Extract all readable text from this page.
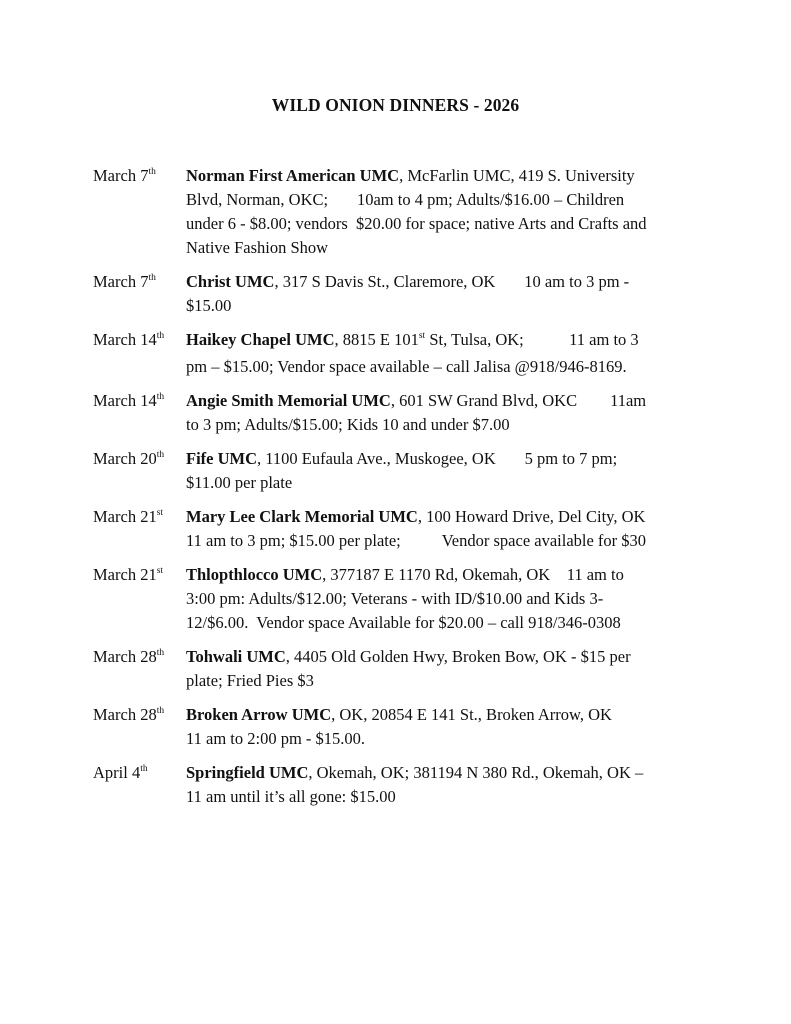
WILD ONION DINNERS - 2026
March 7th Norman First American UMC, McFarlin UMC, 419 S. University
Blvd, Norman, OKC;       10am to 4 pm; Adults/$16.00 – Children
under 6 - $8.00; vendors  $20.00 for space; native Arts and Crafts and
Native Fashion Show
March 7th Christ UMC, 317 S Davis St., Claremore, OK       10 am to 3 pm -
$15.00
March 14th Haikey Chapel UMC, 8815 E 101st St, Tulsa, OK;           11 am to 3
pm – $15.00; Vendor space available – call Jalisa @918/946-8169.
March 14th Angie Smith Memorial UMC, 601 SW Grand Blvd, OKC        11am
to 3 pm; Adults/$15.00; Kids 10 and under $7.00
March 20th Fife UMC, 1100 Eufaula Ave., Muskogee, OK       5 pm to 7 pm;
$11.00 per plate
March 21st Mary Lee Clark Memorial UMC, 100 Howard Drive, Del City, OK
11 am to 3 pm; $15.00 per plate;          Vendor space available for $30
March 21st Thlopthlocco UMC, 377187 E 1170 Rd, Okemah, OK    11 am to
3:00 pm: Adults/$12.00; Veterans - with ID/$10.00 and Kids 3-
12/$6.00.  Vendor space Available for $20.00 – call 918/346-0308
March 28th Tohwali UMC, 4405 Old Golden Hwy, Broken Bow, OK - $15 per
plate; Fried Pies $3
March 28th Broken Arrow UMC, OK, 20854 E 141 St., Broken Arrow, OK
11 am to 2:00 pm - $15.00.
April 4th Springfield UMC, Okemah, OK; 381194 N 380 Rd., Okemah, OK –
11 am until it’s all gone: $15.00
